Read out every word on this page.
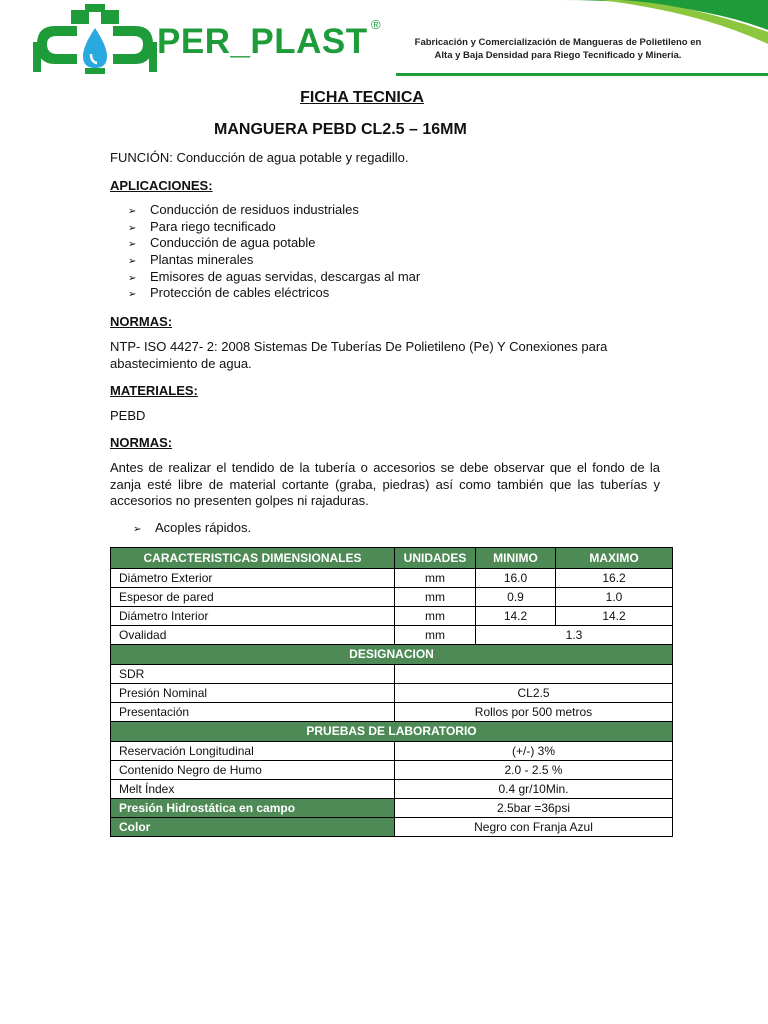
PER_PLAST ®
Fabricación y Comercialización de Mangueras de Polietileno en
Alta y Baja Densidad para Riego Tecnificado y Minería.
FICHA TECNICA
MANGUERA PEBD CL2.5 – 16MM
FUNCIÓN: Conducción de agua potable y regadillo.
APLICACIONES:
➢ Conducción de residuos industriales
➢ Para riego tecnificado
➢ Conducción de agua potable
➢ Plantas minerales
➢ Emisores de aguas servidas, descargas al mar
➢ Protección de cables eléctricos
NORMAS:
NTP- ISO 4427- 2: 2008 Sistemas De Tuberías De Polietileno (Pe) Y Conexiones para abastecimiento de agua.
MATERIALES:
PEBD
NORMAS:
Antes de realizar el tendido de la tubería o accesorios se debe observar que el fondo de la zanja esté libre de material cortante (graba, piedras) así como también que las tuberías y accesorios no presenten golpes ni rajaduras.
➢ Acoples rápidos.
CARACTERISTICAS DIMENSIONALES	UNIDADES	MINIMO	MAXIMO
Diámetro Exterior	mm	16.0	16.2
Espesor de pared	mm	0.9	1.0
Diámetro Interior	mm	14.2	14.2
Ovalidad	mm	1.3	
DESIGNACION			
SDR			
Presión Nominal	CL2.5		
Presentación	Rollos por 500 metros		
PRUEBAS DE LABORATORIO			
Reservación Longitudinal	(+/-) 3%		
Contenido Negro de Humo	2.0 - 2.5 %		
Melt Índex	0.4 gr/10Min.		
Presión Hidrostática en campo	2.5bar =36psi		
Color	Negro con Franja Azul		
